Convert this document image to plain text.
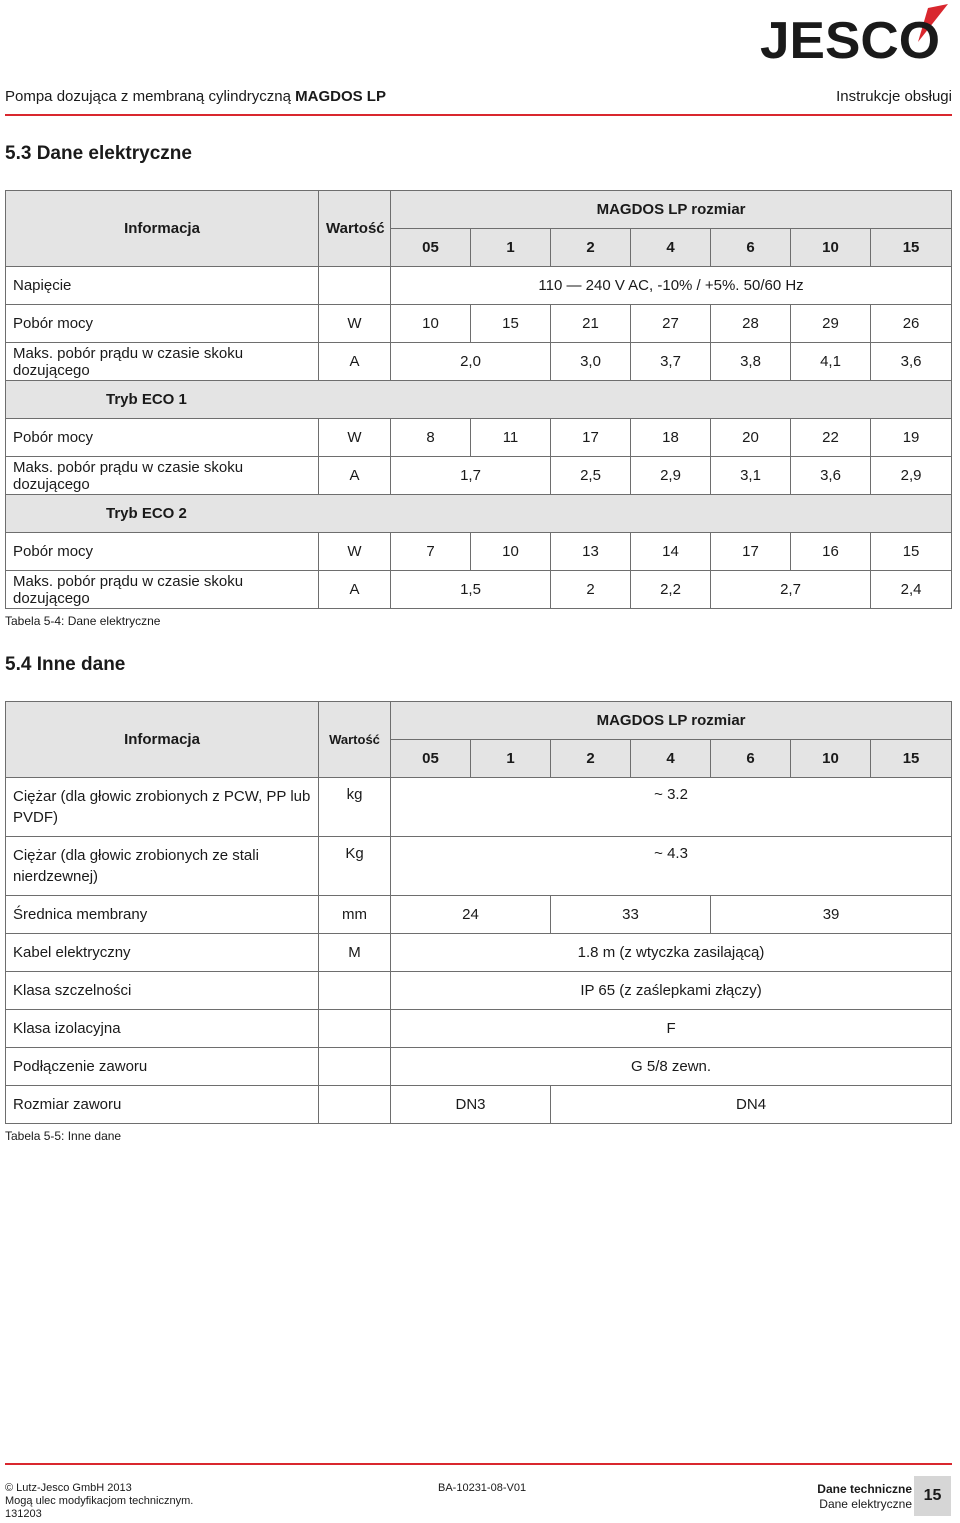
JESCO
Pompa dozująca z membraną cylindryczną MAGDOS LP	Instrukcje obsługi
5.3 Dane elektryczne
Informacja	Wartość	MAGDOS LP rozmiar						
		05	1	2	4	6	10	15
Napięcie		110 — 240 V AC, -10% / +5%. 50/60 Hz						
Pobór mocy	W	10	15	21	27	28	29	26
Maks. pobór prądu w czasie skoku dozującego	A	2,0		3,0	3,7	3,8	4,1	3,6
Tryb ECO 1								
Pobór mocy	W	8	11	17	18	20	22	19
Maks. pobór prądu w czasie skoku dozującego	A	1,7		2,5	2,9	3,1	3,6	2,9
Tryb ECO 2								
Pobór mocy	W	7	10	13	14	17	16	15
Maks. pobór prądu w czasie skoku dozującego	A	1,5		2	2,2	2,7		2,4
Tabela 5-4: Dane elektryczne
5.4 Inne dane
Informacja	Wartość	MAGDOS LP rozmiar						
		05	1	2	4	6	10	15
Ciężar (dla głowic zrobionych z PCW, PP lub PVDF)	kg	~ 3.2						
Ciężar (dla głowic zrobionych ze stali nierdzewnej)	Kg	~ 4.3						
Średnica membrany	mm	24		33		39		
Kabel elektryczny	M	1.8 m (z wtyczka zasilającą)						
Klasa szczelności		IP 65 (z zaślepkami złączy)						
Klasa izolacyjna		F						
Podłączenie zaworu		G 5/8 zewn.						
Rozmiar zaworu		DN3		DN4				
Tabela 5-5: Inne dane
© Lutz-Jesco GmbH 2013
Mogą ulec modyfikacjom technicznym.
131203
BA-10231-08-V01	Dane techniczne
Dane elektryczne 15
